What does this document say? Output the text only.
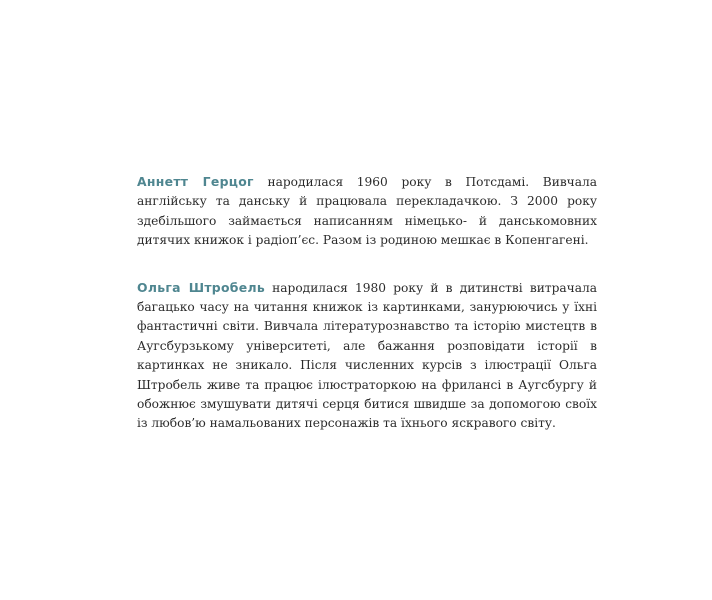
Аннетт Герцог народилася 1960 року в Потсдамі. Вивчала англійську та данську й працювала перекладачкою. З 2000 року здебільшого займається написанням німецько- й данськомовних дитячих книжок і радіоп’єс. Разом із родиною мешкає в Копенгагені.

Ольга Штробель народилася 1980 року й в дитинстві витрачала багацько часу на читання книжок із картинками, занурюючись у їхні фантастичні світи. Вивчала літературознавство та історію мистецтв в Аугсбурзькому університеті, але бажання розповідати історії в картинках не зникало. Після численних курсів з ілюстрації Ольга Штробель живе та працює ілюстраторкою на фрилансі в Аугсбургу й обожнює змушувати дитячі серця битися швидше за допомогою своїх із любов’ю намальованих персонажів та їхнього яскравого світу.
